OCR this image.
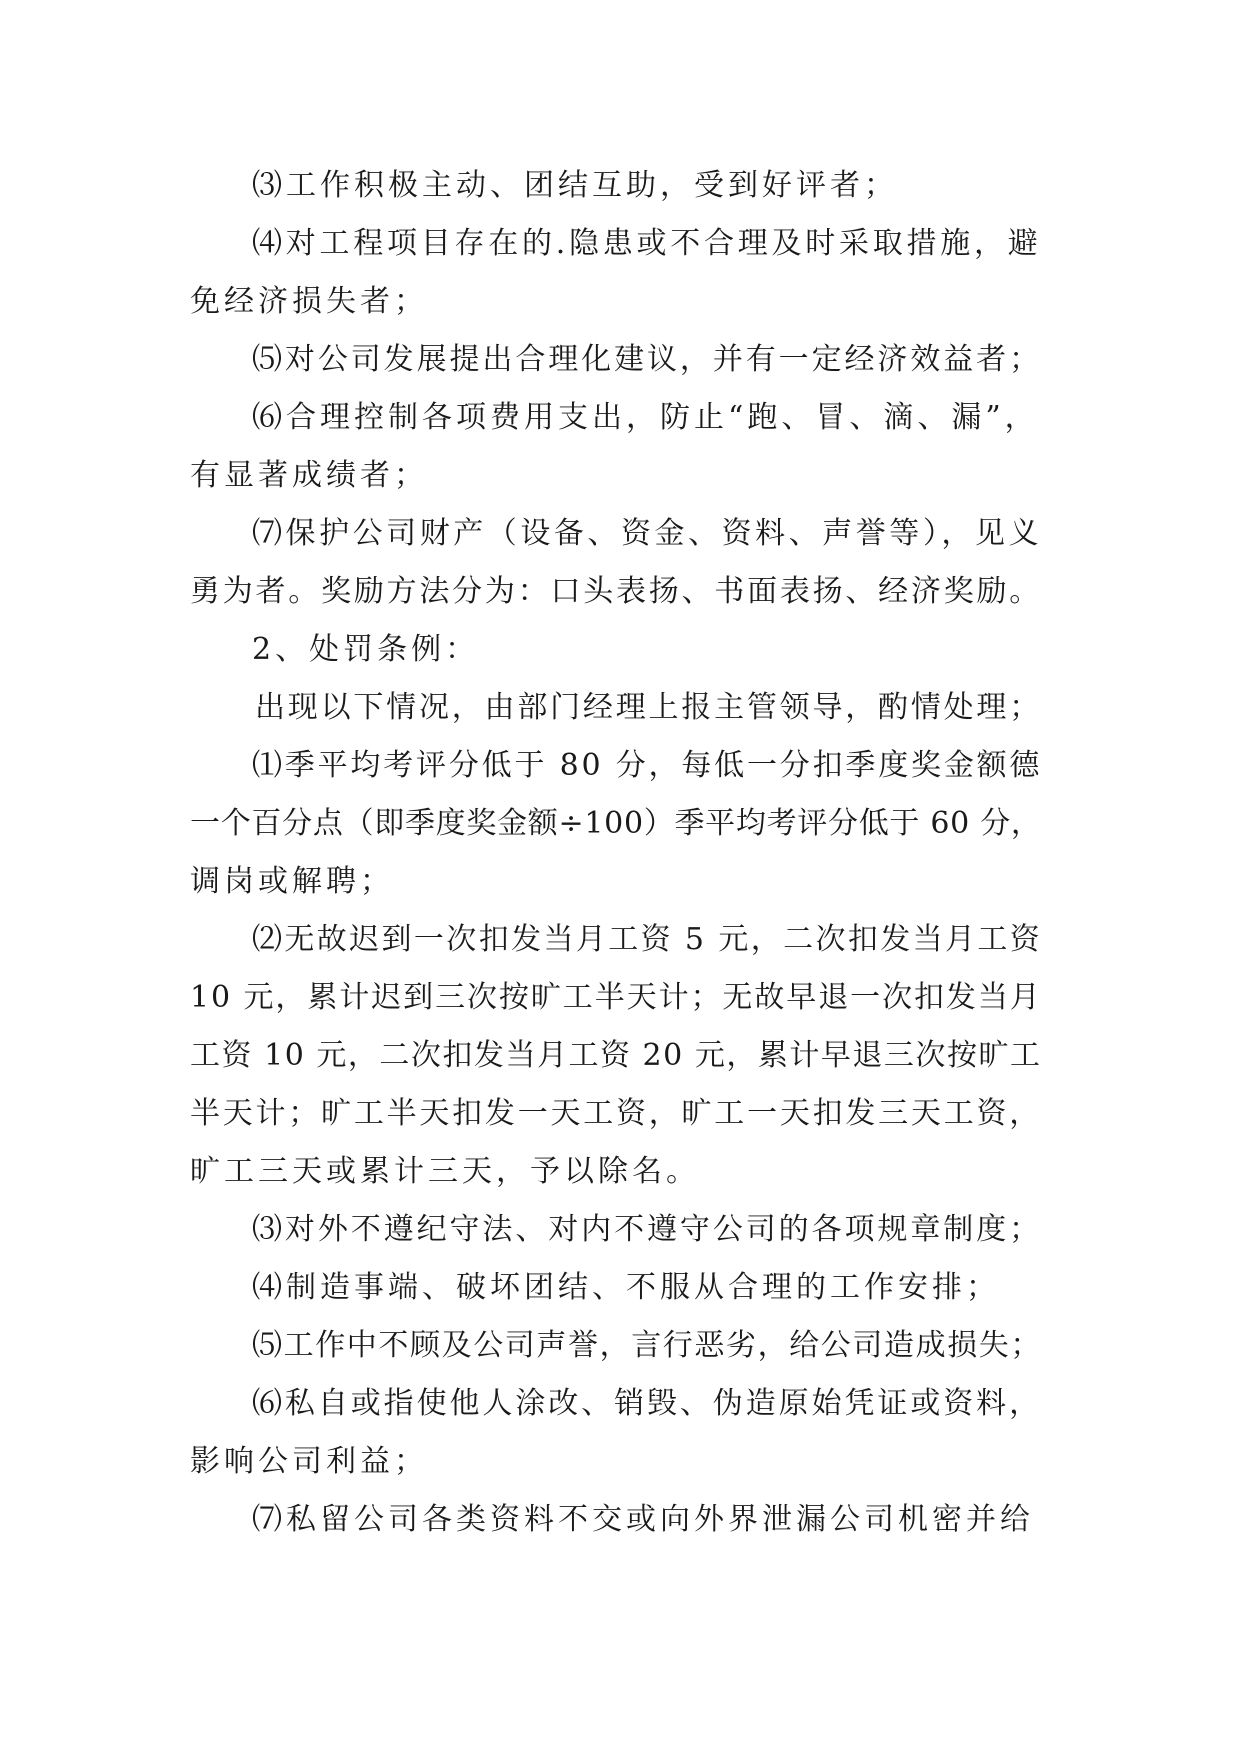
⑶工作积极主动、团结互助，受到好评者；
⑷对工程项目存在的.隐患或不合理及时采取措施，避
免经济损失者；
⑸对公司发展提出合理化建议，并有一定经济效益者；
⑹合理控制各项费用支出，防止“跑、冒、滴、漏”，
有显著成绩者；
⑺保护公司财产（设备、资金、资料、声誉等），见义
勇为者。奖励方法分为：口头表扬、书面表扬、经济奖励。
2、处罚条例：
出现以下情况，由部门经理上报主管领导，酌情处理；
⑴季平均考评分低于 80 分，每低一分扣季度奖金额德
一个百分点（即季度奖金额÷100）季平均考评分低于 60 分，
调岗或解聘；
⑵无故迟到一次扣发当月工资 5 元，二次扣发当月工资
10 元，累计迟到三次按旷工半天计；无故早退一次扣发当月
工资 10 元，二次扣发当月工资 20 元，累计早退三次按旷工
半天计；旷工半天扣发一天工资，旷工一天扣发三天工资，
旷工三天或累计三天，予以除名。
⑶对外不遵纪守法、对内不遵守公司的各项规章制度；
⑷制造事端、破坏团结、不服从合理的工作安排；
⑸工作中不顾及公司声誉，言行恶劣，给公司造成损失；
⑹私自或指使他人涂改、销毁、伪造原始凭证或资料，
影响公司利益；
⑺私留公司各类资料不交或向外界泄漏公司机密并给
